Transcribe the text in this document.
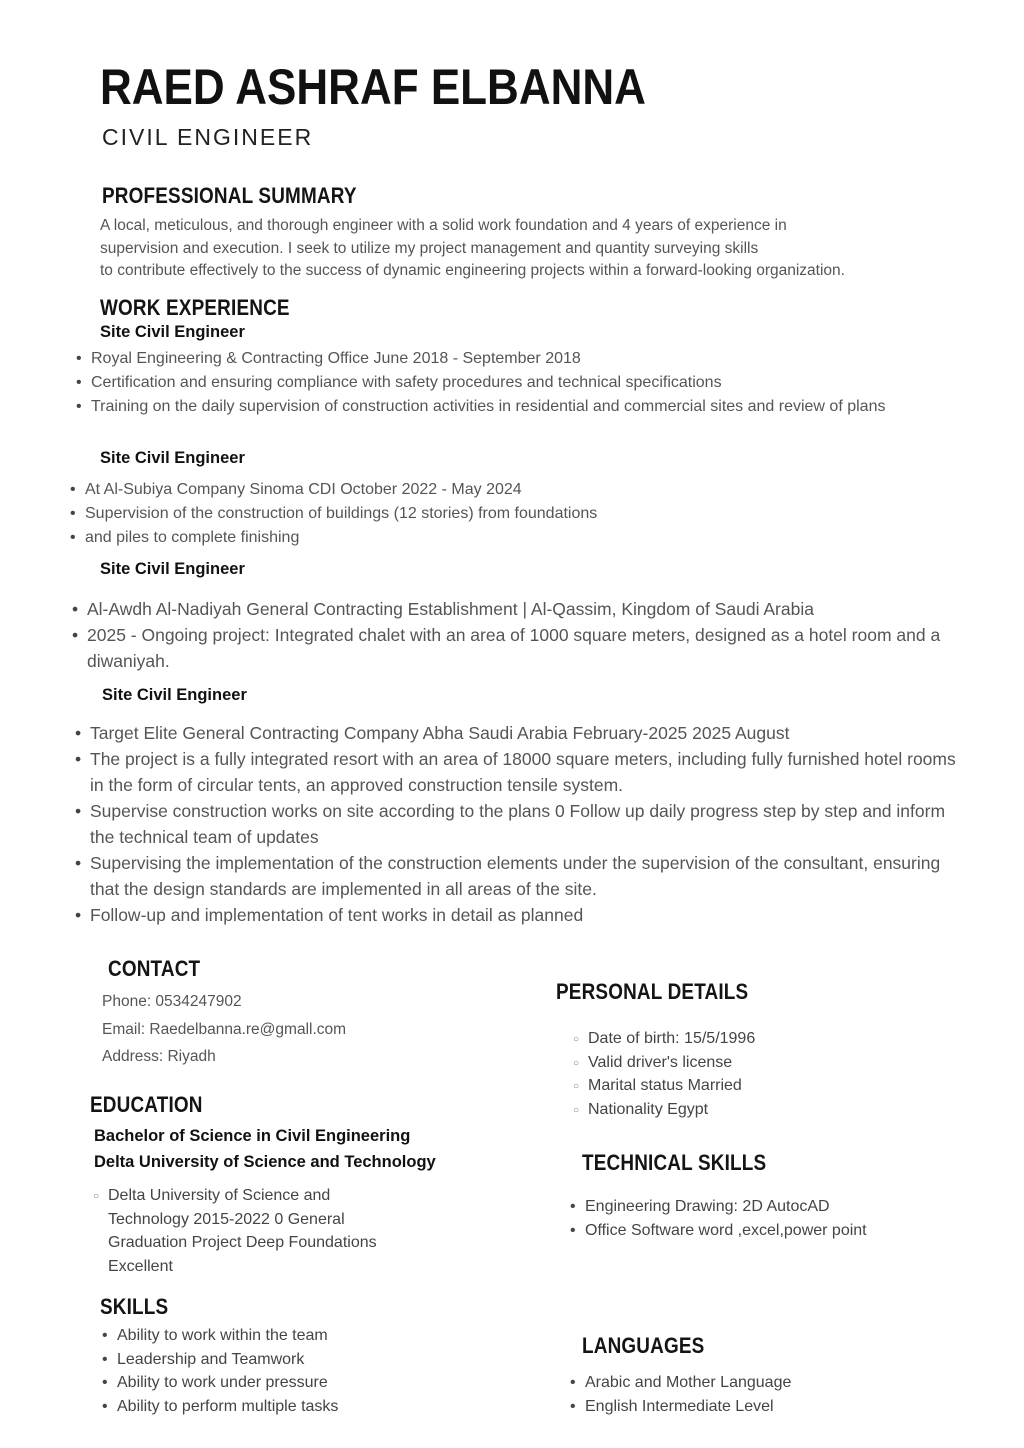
RAED ASHRAF ELBANNA
CIVIL ENGINEER
PROFESSIONAL SUMMARY
A local, meticulous, and thorough engineer with a solid work foundation and 4 years of experience in
supervision and execution. I seek to utilize my project management and quantity surveying skills
to contribute effectively to the success of dynamic engineering projects within a forward-looking organization.
WORK EXPERIENCE
Site Civil Engineer
• Royal Engineering & Contracting Office June 2018 - September 2018
• Certification and ensuring compliance with safety procedures and technical specifications
• Training on the daily supervision of construction activities in residential and commercial sites and review of plans
Site Civil Engineer
• At Al-Subiya Company Sinoma CDI October 2022 - May 2024
• Supervision of the construction of buildings (12 stories) from foundations
• and piles to complete finishing
Site Civil Engineer
• Al-Awdh Al-Nadiyah General Contracting Establishment | Al-Qassim, Kingdom of Saudi Arabia
• 2025 - Ongoing project: Integrated chalet with an area of 1000 square meters, designed as a hotel room and a diwaniyah.
Site Civil Engineer
• Target Elite General Contracting Company Abha Saudi Arabia February-2025 2025 August
• The project is a fully integrated resort with an area of 18000 square meters, including fully furnished hotel rooms in the form of circular tents, an approved construction tensile system.
• Supervise construction works on site according to the plans 0 Follow up daily progress step by step and inform the technical team of updates
• Supervising the implementation of the construction elements under the supervision of the consultant, ensuring that the design standards are implemented in all areas of the site.
• Follow-up and implementation of tent works in detail as planned
CONTACT
Phone: 0534247902
Email: Raedelbanna.re@gmall.com
Address: Riyadh
EDUCATION
Bachelor of Science in Civil Engineering
Delta University of Science and Technology
○ Delta University of Science and Technology 2015-2022 0 General Graduation Project Deep Foundations Excellent
SKILLS
• Ability to work within the team
• Leadership and Teamwork
• Ability to work under pressure
• Ability to perform multiple tasks
PERSONAL DETAILS
○ Date of birth: 15/5/1996
○ Valid driver's license
○ Marital status Married
○ Nationality Egypt
TECHNICAL SKILLS
• Engineering Drawing: 2D AutocAD
• Office Software word ,excel,power point
LANGUAGES
• Arabic and Mother Language
• English Intermediate Level
